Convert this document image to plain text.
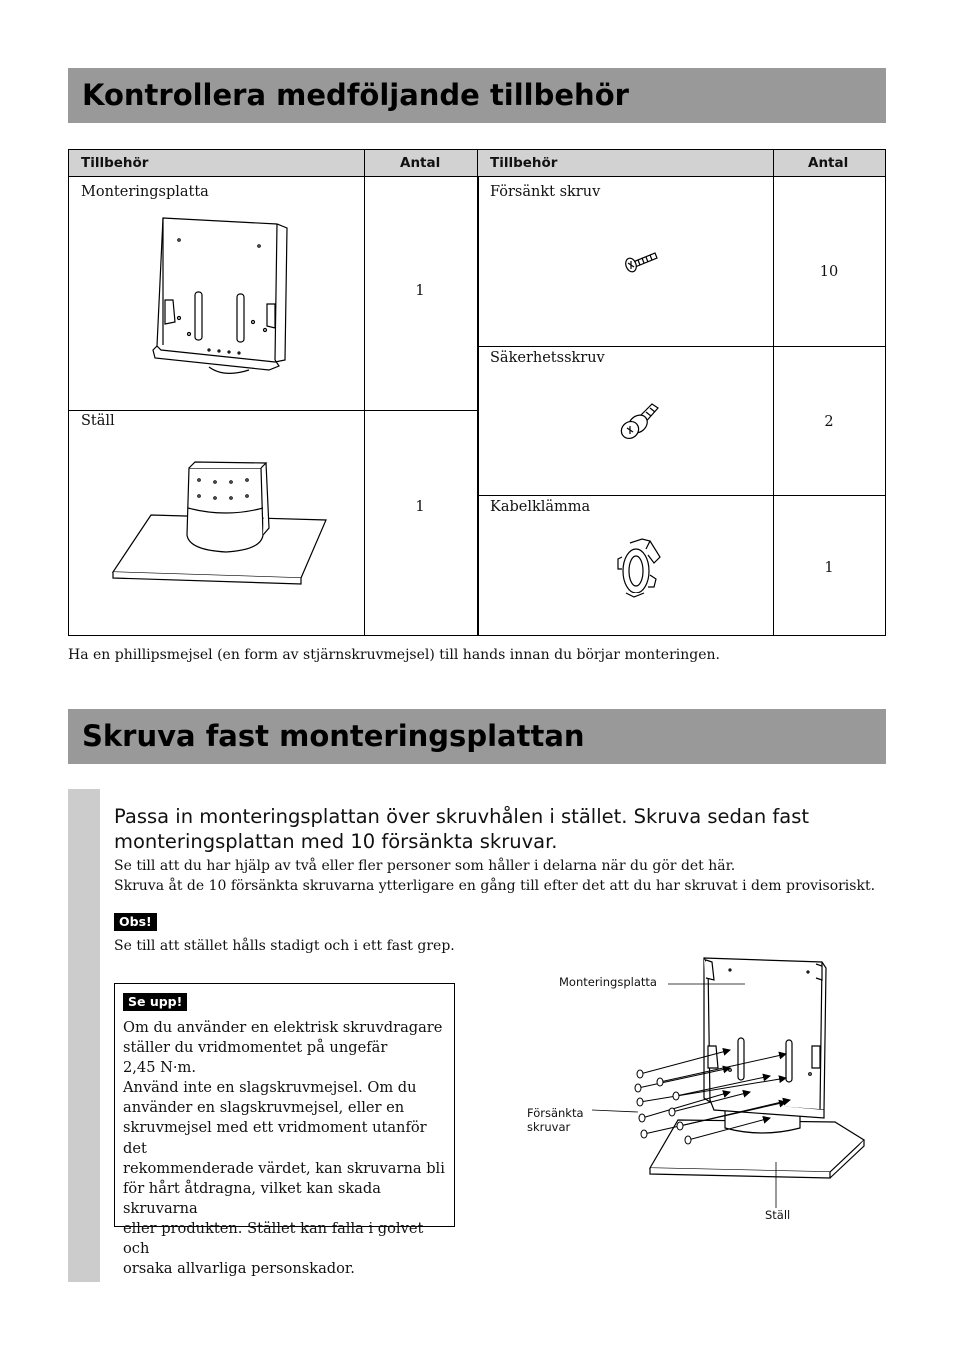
Kontrollera medföljande tillbehör
Tillbehör	Antal
Monteringsplatta
1
Ställ
1
Tillbehör	Antal
Försänkt skruv
10
Säkerhetsskruv
2
Kabelklämma
1
Ha en phillipsmejsel (en form av stjärnskruvmejsel) till hands innan du börjar monteringen.
Skruva fast monteringsplattan
Passa in monteringsplattan över skruvhålen i stället. Skruva sedan fast monteringsplattan med 10 försänkta skruvar.
Se till att du har hjälp av två eller fler personer som håller i delarna när du gör det här.
Skruva åt de 10 försänkta skruvarna ytterligare en gång till efter det att du har skruvat i dem provisoriskt.
Obs!
Se till att stället hålls stadigt och i ett fast grep.
Se upp!
Om du använder en elektrisk skruvdragare
ställer du vridmomentet på ungefär
2,45 N·m.
Använd inte en slagskruvmejsel. Om du
använder en slagskruvmejsel, eller en
skruvmejsel med ett vridmoment utanför det
rekommenderade värdet, kan skruvarna bli
för hårt åtdragna, vilket kan skada skruvarna
eller produkten. Stället kan falla i golvet och
orsaka allvarliga personskador.
Monteringsplatta
Försänkta
skruvar
Ställ
